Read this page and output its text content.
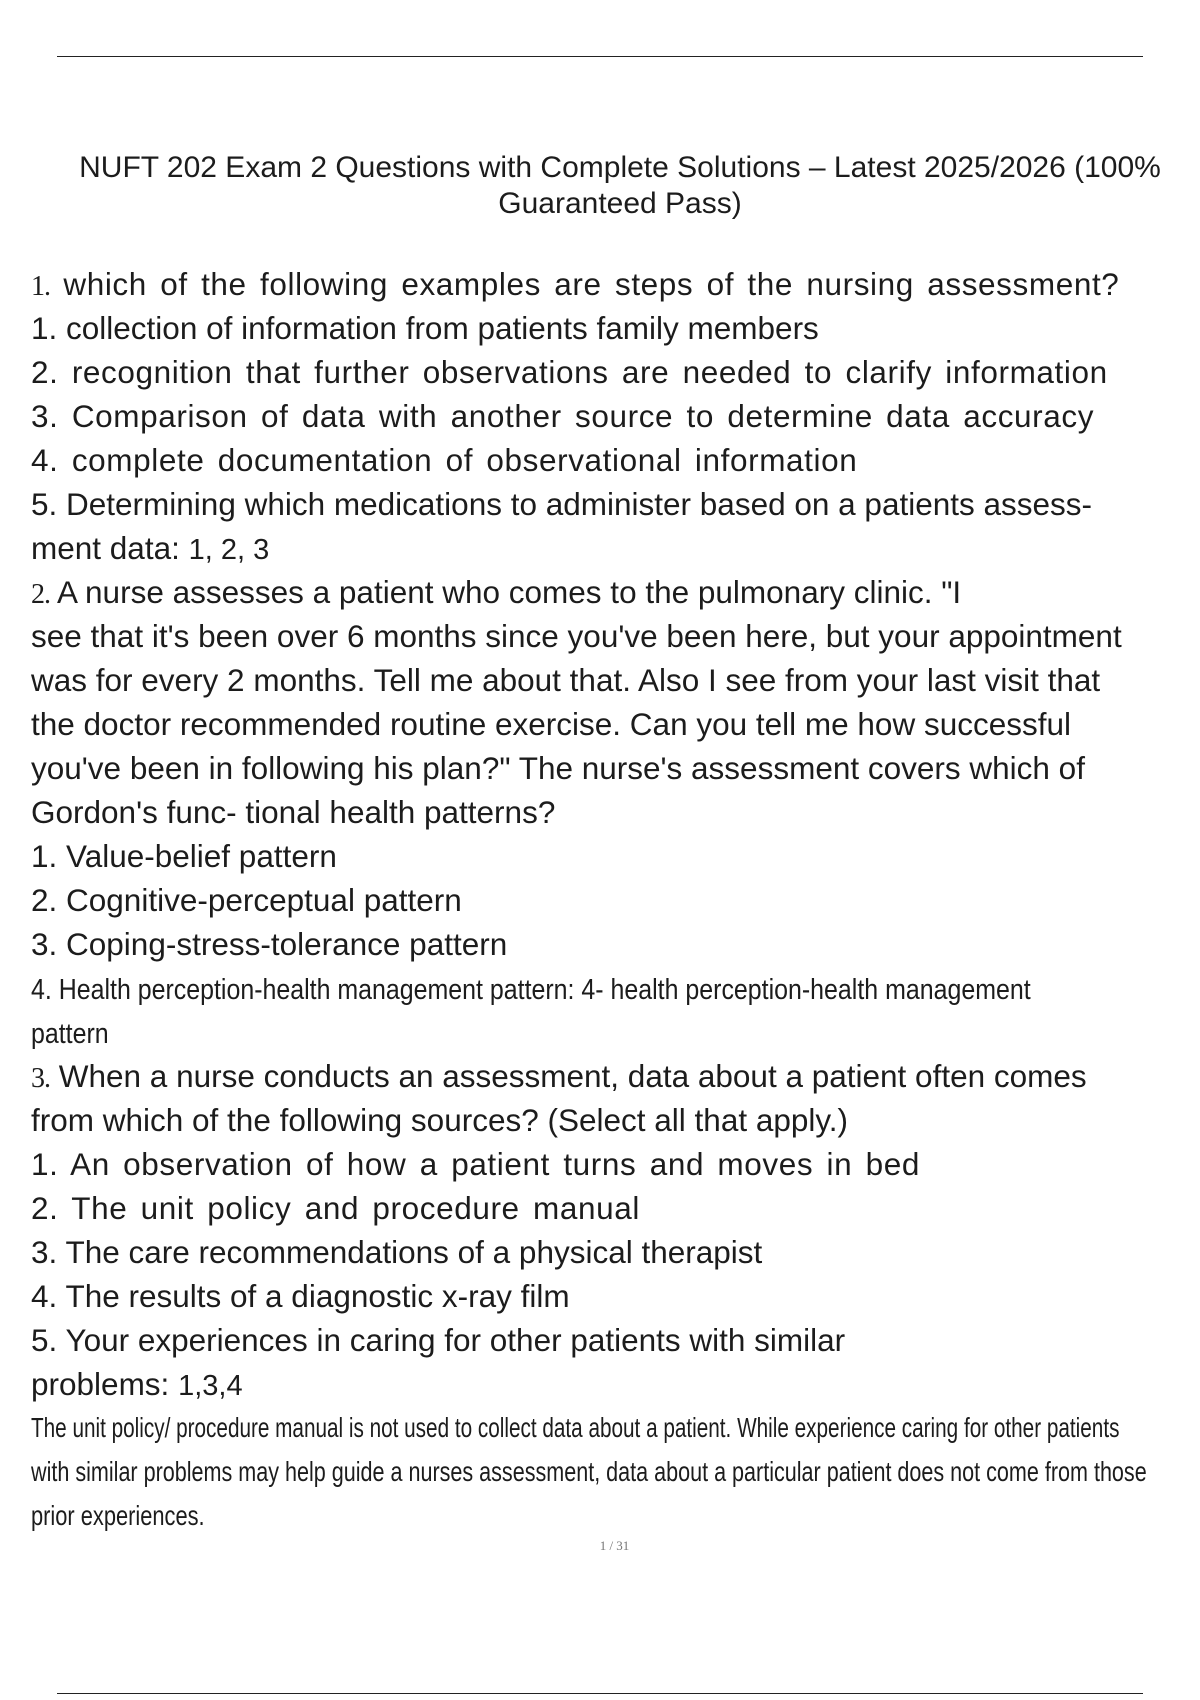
NUFT 202 Exam 2 Questions with Complete Solutions – Latest 2025/2026 (100% Guaranteed Pass)
1. which of the following examples are steps of the nursing assessment?
1. collection of information from patients family members
2. recognition that further observations are needed to clarify information
3. Comparison of data with another source to determine data accuracy
4. complete documentation of observational information
5. Determining which medications to administer based on a patients assess-
ment data: 1, 2, 3
2. A nurse assesses a patient who comes to the pulmonary clinic. "I
see that it's been over 6 months since you've been here, but your appointment
was for every 2 months. Tell me about that. Also I see from your last visit that
the doctor recommended routine exercise. Can you tell me how successful
you've been in following his plan?" The nurse's assessment covers which of
Gordon's func- tional health patterns?
1. Value-belief pattern
2. Cognitive-perceptual pattern
3. Coping-stress-tolerance pattern
4. Health perception-health management pattern: 4- health perception-health management
pattern
3. When a nurse conducts an assessment, data about a patient often comes
from which of the following sources? (Select all that apply.)
1. An observation of how a patient turns and moves in bed
2. The unit policy and procedure manual
3. The care recommendations of a physical therapist
4. The results of a diagnostic x-ray film
5. Your experiences in caring for other patients with similar
problems: 1,3,4
The unit policy/ procedure manual is not used to collect data about a patient. While experience caring for other patients
with similar problems may help guide a nurses assessment, data about a particular patient does not come from those
prior experiences.
1 / 31
